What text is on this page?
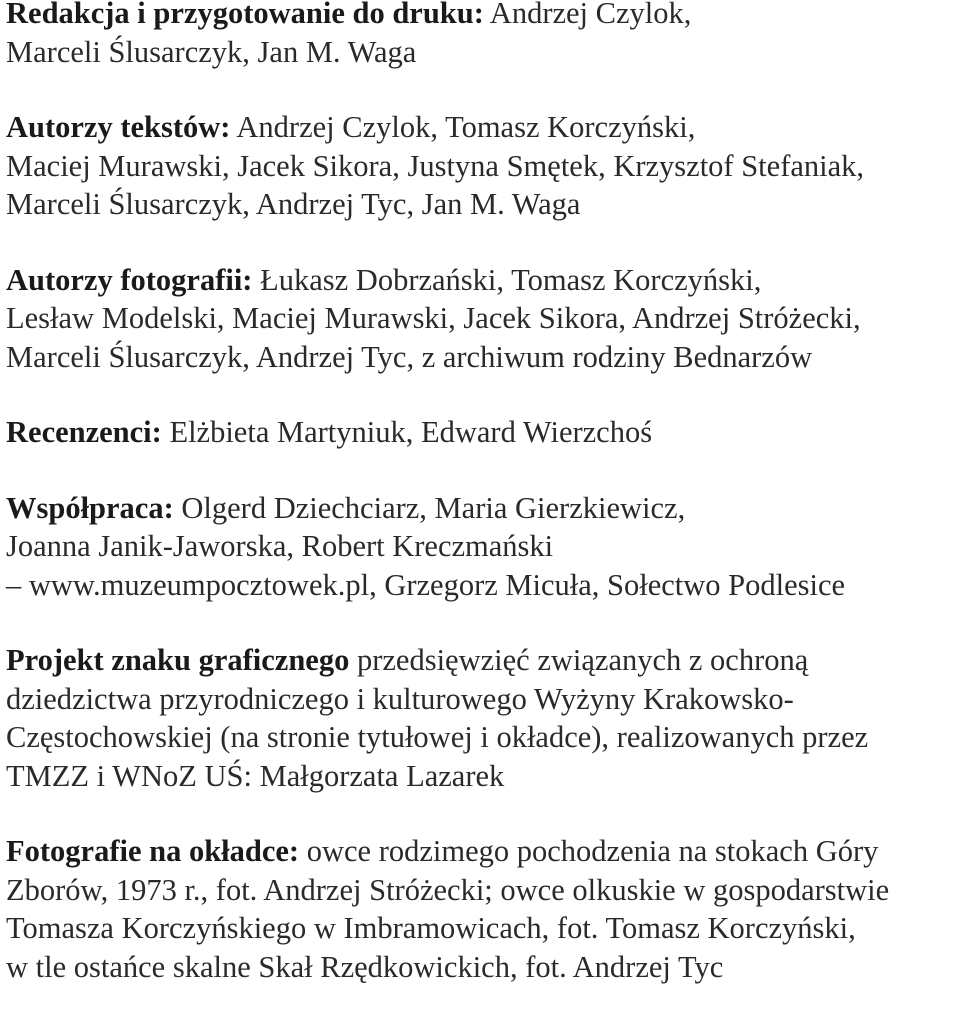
Redakcja i przygotowanie do druku: Andrzej Czylok,
Marceli Ślusarczyk, Jan M. Waga
Autorzy tekstów: Andrzej Czylok, Tomasz Korczyński,
Maciej Murawski, Jacek Sikora, Justyna Smętek, Krzysztof Stefaniak,
Marceli Ślusarczyk, Andrzej Tyc, Jan M. Waga
Autorzy fotografii: Łukasz Dobrzański, Tomasz Korczyński,
Lesław Modelski, Maciej Murawski, Jacek Sikora, Andrzej Stróżecki,
Marceli Ślusarczyk, Andrzej Tyc, z archiwum rodziny Bednarzów
Recenzenci: Elżbieta Martyniuk, Edward Wierzchoś
Współpraca: Olgerd Dziechciarz, Maria Gierzkiewicz,
Joanna Janik-Jaworska, Robert Kreczmański
– www.muzeumpocztowek.pl, Grzegorz Micuła, Sołectwo Podlesice
Projekt znaku graficznego przedsięwzięć związanych z ochroną
dziedzictwa przyrodniczego i kulturowego Wyżyny Krakowsko-
Częstochowskiej (na stronie tytułowej i okładce), realizowanych przez
TMZZ i WNoZ UŚ: Małgorzata Lazarek
Fotografie na okładce: owce rodzimego pochodzenia na stokach Góry
Zborów, 1973 r., fot. Andrzej Stróżecki; owce olkuskie w gospodarstwie
Tomasza Korczyńskiego w Imbramowicach, fot. Tomasz Korczyński,
w tle ostańce skalne Skał Rzędkowickich, fot. Andrzej Tyc
